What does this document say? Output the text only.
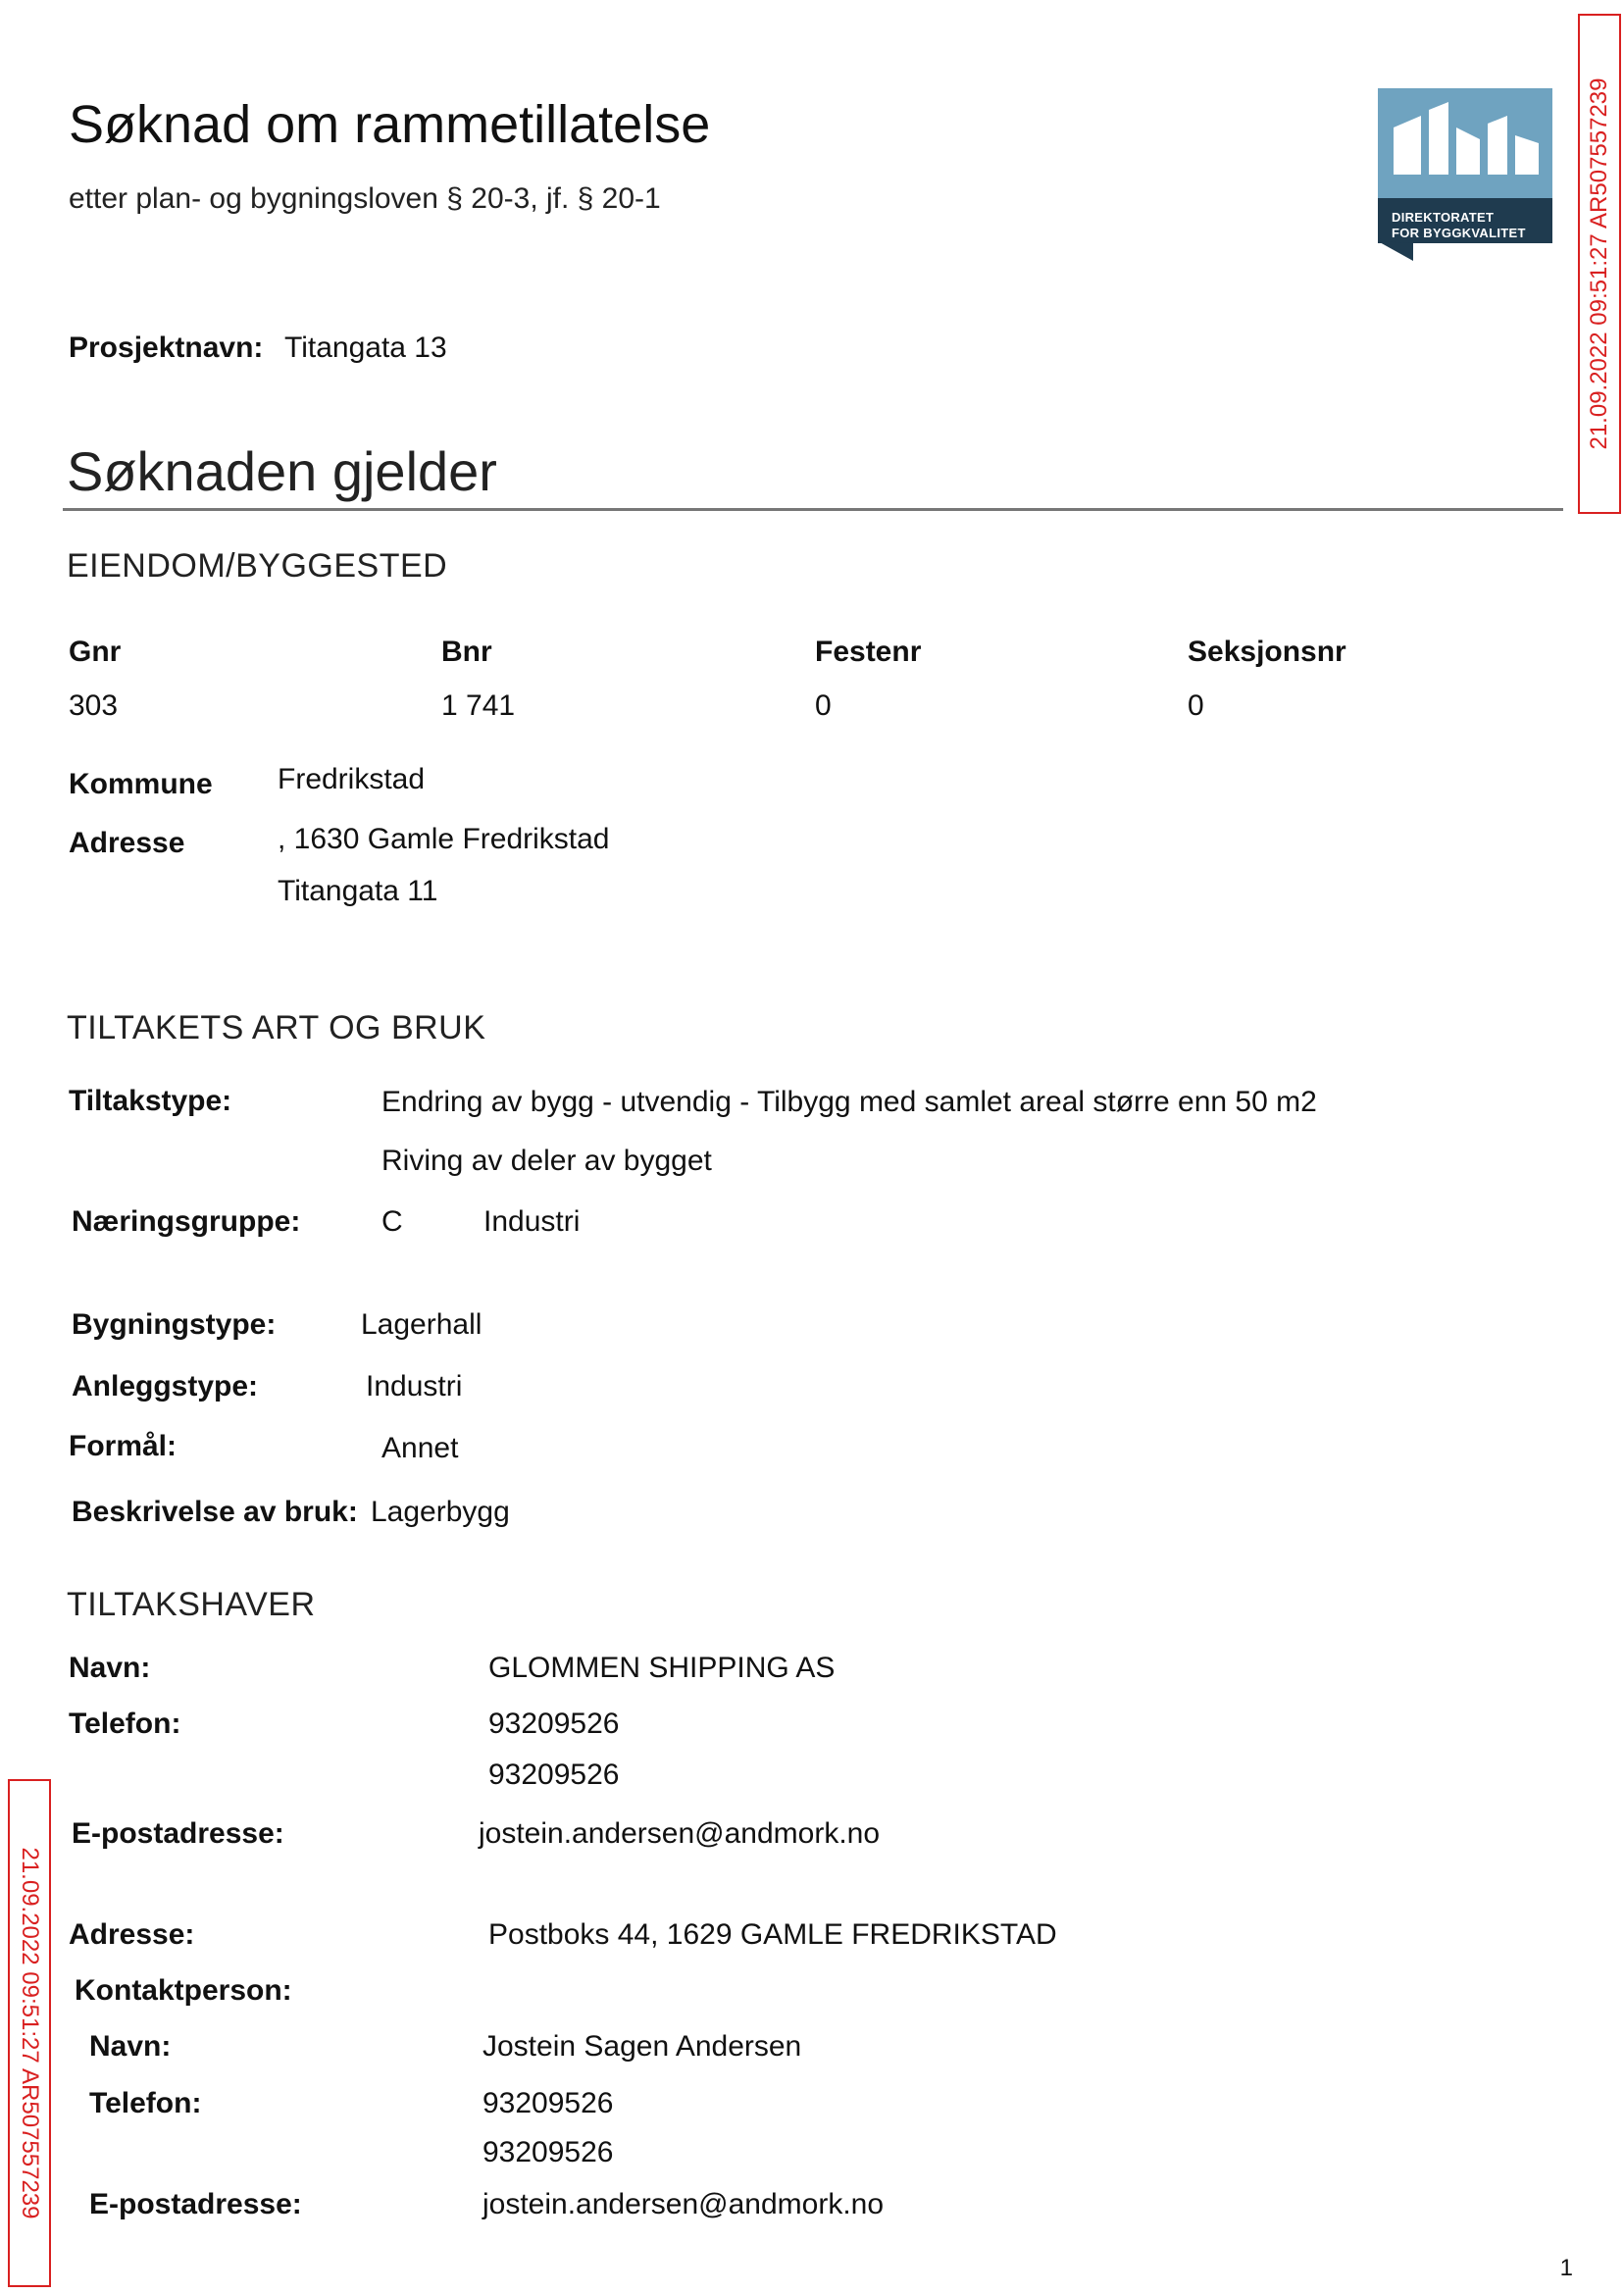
Søknad om rammetillatelse
etter plan- og bygningsloven § 20-3, jf. § 20-1
DIREKTORATET
FOR BYGGKVALITET	21.09.2022 09:51:27 AR507557239
21.09.2022 09:51:27 AR507557239
Prosjektnavn: Titangata 13
Søknaden gjelder
EIENDOM/BYGGESTED
Gnr	Bnr	Festenr	Seksjonsnr
303	1 741	0	0
Kommune Fredrikstad
Adresse	, 1630 Gamle Fredrikstad
Titangata 11
TILTAKETS ART OG BRUK
Tiltakstype:	Endring av bygg - utvendig - Tilbygg med samlet areal større enn 50 m2
Riving av deler av bygget
Næringsgruppe:	C	Industri
Bygningstype:	Lagerhall
Anleggstype:	Industri
Formål:	Annet
Beskrivelse av bruk: Lagerbygg
TILTAKSHAVER
Navn:	GLOMMEN SHIPPING AS
Telefon:	93209526
93209526
E-postadresse:	jostein.andersen@andmork.no
Adresse:	Postboks 44, 1629 GAMLE FREDRIKSTAD
Kontaktperson:
Navn:	Jostein Sagen Andersen
Telefon:	93209526
93209526
E-postadresse:	jostein.andersen@andmork.no
1
